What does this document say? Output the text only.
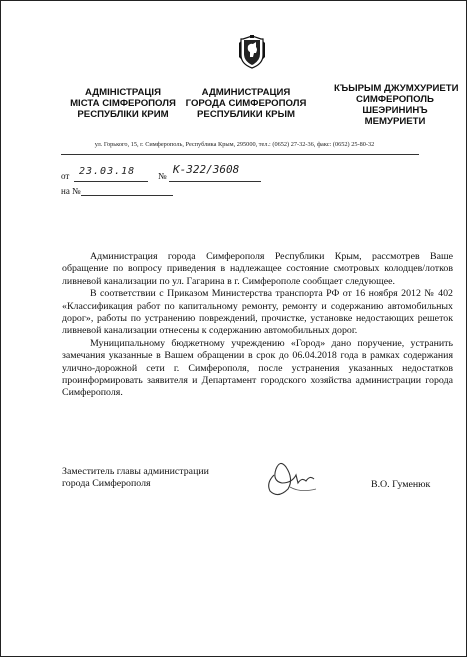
АДМІНІСТРАЦІЯ
МІСТА СІМФЕРОПОЛЯ
РЕСПУБЛІКИ КРИМ
АДМИНИСТРАЦИЯ
ГОРОДА СИМФЕРОПОЛЯ
РЕСПУБЛИКИ КРЫМ
КЪЫРЫМ ДЖУМХУРИЕТИ
СИМФЕРОПОЛЬ
ШЕЭРИНИНЪ
МЕМУРИЕТИ
ул. Горького, 15, г. Симферополь, Республика Крым, 295000, тел.: (0652) 27-32-36, факс: (0652) 25-80-32
от 23.03.18	№ К-322/3608
на №

Администрация города Симферополя Республики Крым, рассмотрев Ваше обращение по вопросу приведения в надлежащее состояние смотровых колодцев/лотков ливневой канализации по ул. Гагарина в г. Симферополе сообщает следующее.

В соответствии с Приказом Министерства транспорта РФ от 16 ноября 2012 № 402 «Классификация работ по капитальному ремонту, ремонту и содержанию автомобильных дорог», работы по устранению повреждений, прочистке, установке недостающих решеток ливневой канализации отнесены к содержанию автомобильных дорог.

Муниципальному бюджетному учреждению «Город» дано поручение, устранить замечания указанные в Вашем обращении в срок до 06.04.2018 года в рамках содержания улично-дорожной сети г. Симферополя, после устранения указанных недостатков проинформировать заявителя и Департамент городского хозяйства администрации города Симферополя.

Заместитель главы администрации
города Симферополя	В.О. Гуменюк
